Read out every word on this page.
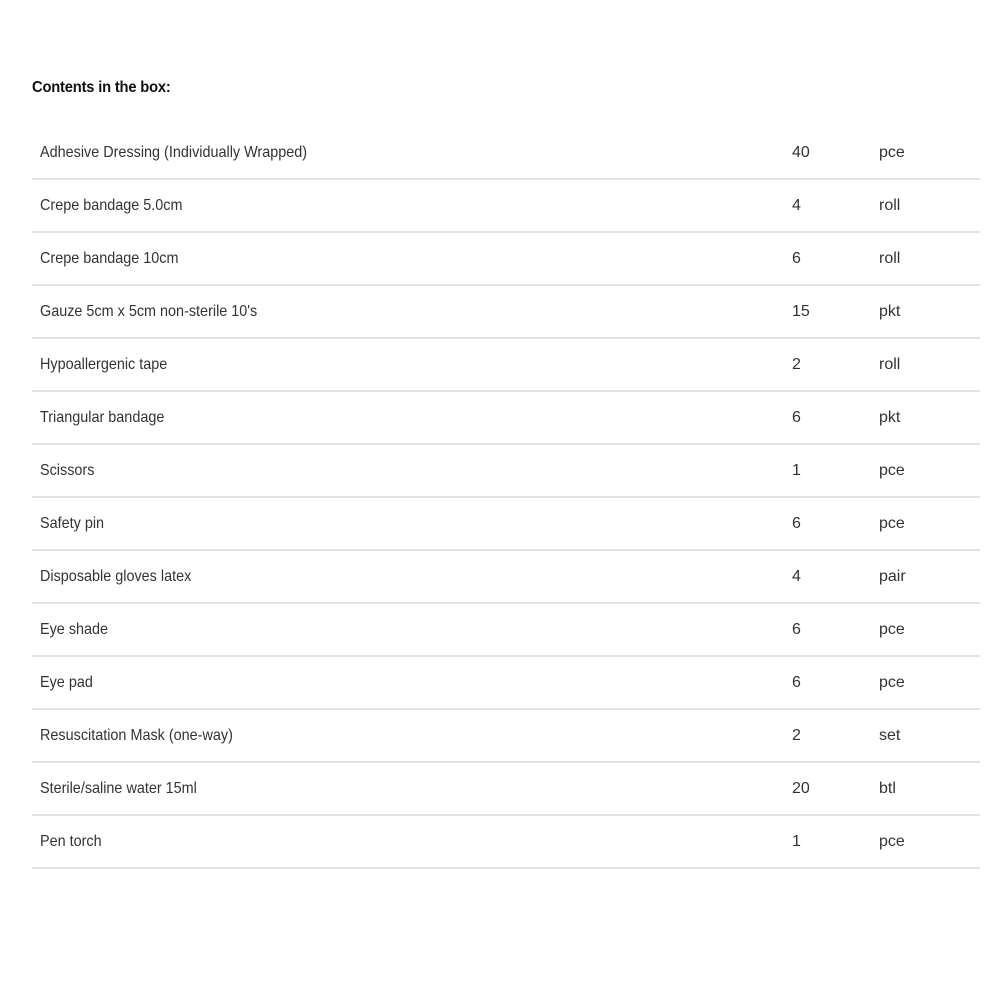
Contents in the box:
Adhesive Dressing (Individually Wrapped)	40	pce
Crepe bandage 5.0cm	4	roll
Crepe bandage 10cm	6	roll
Gauze 5cm x 5cm non-sterile 10's	15	pkt
Hypoallergenic tape	2	roll
Triangular bandage	6	pkt
Scissors	1	pce
Safety pin	6	pce
Disposable gloves latex	4	pair
Eye shade	6	pce
Eye pad	6	pce
Resuscitation Mask (one-way)	2	set
Sterile/saline water 15ml	20	btl
Pen torch	1	pce
